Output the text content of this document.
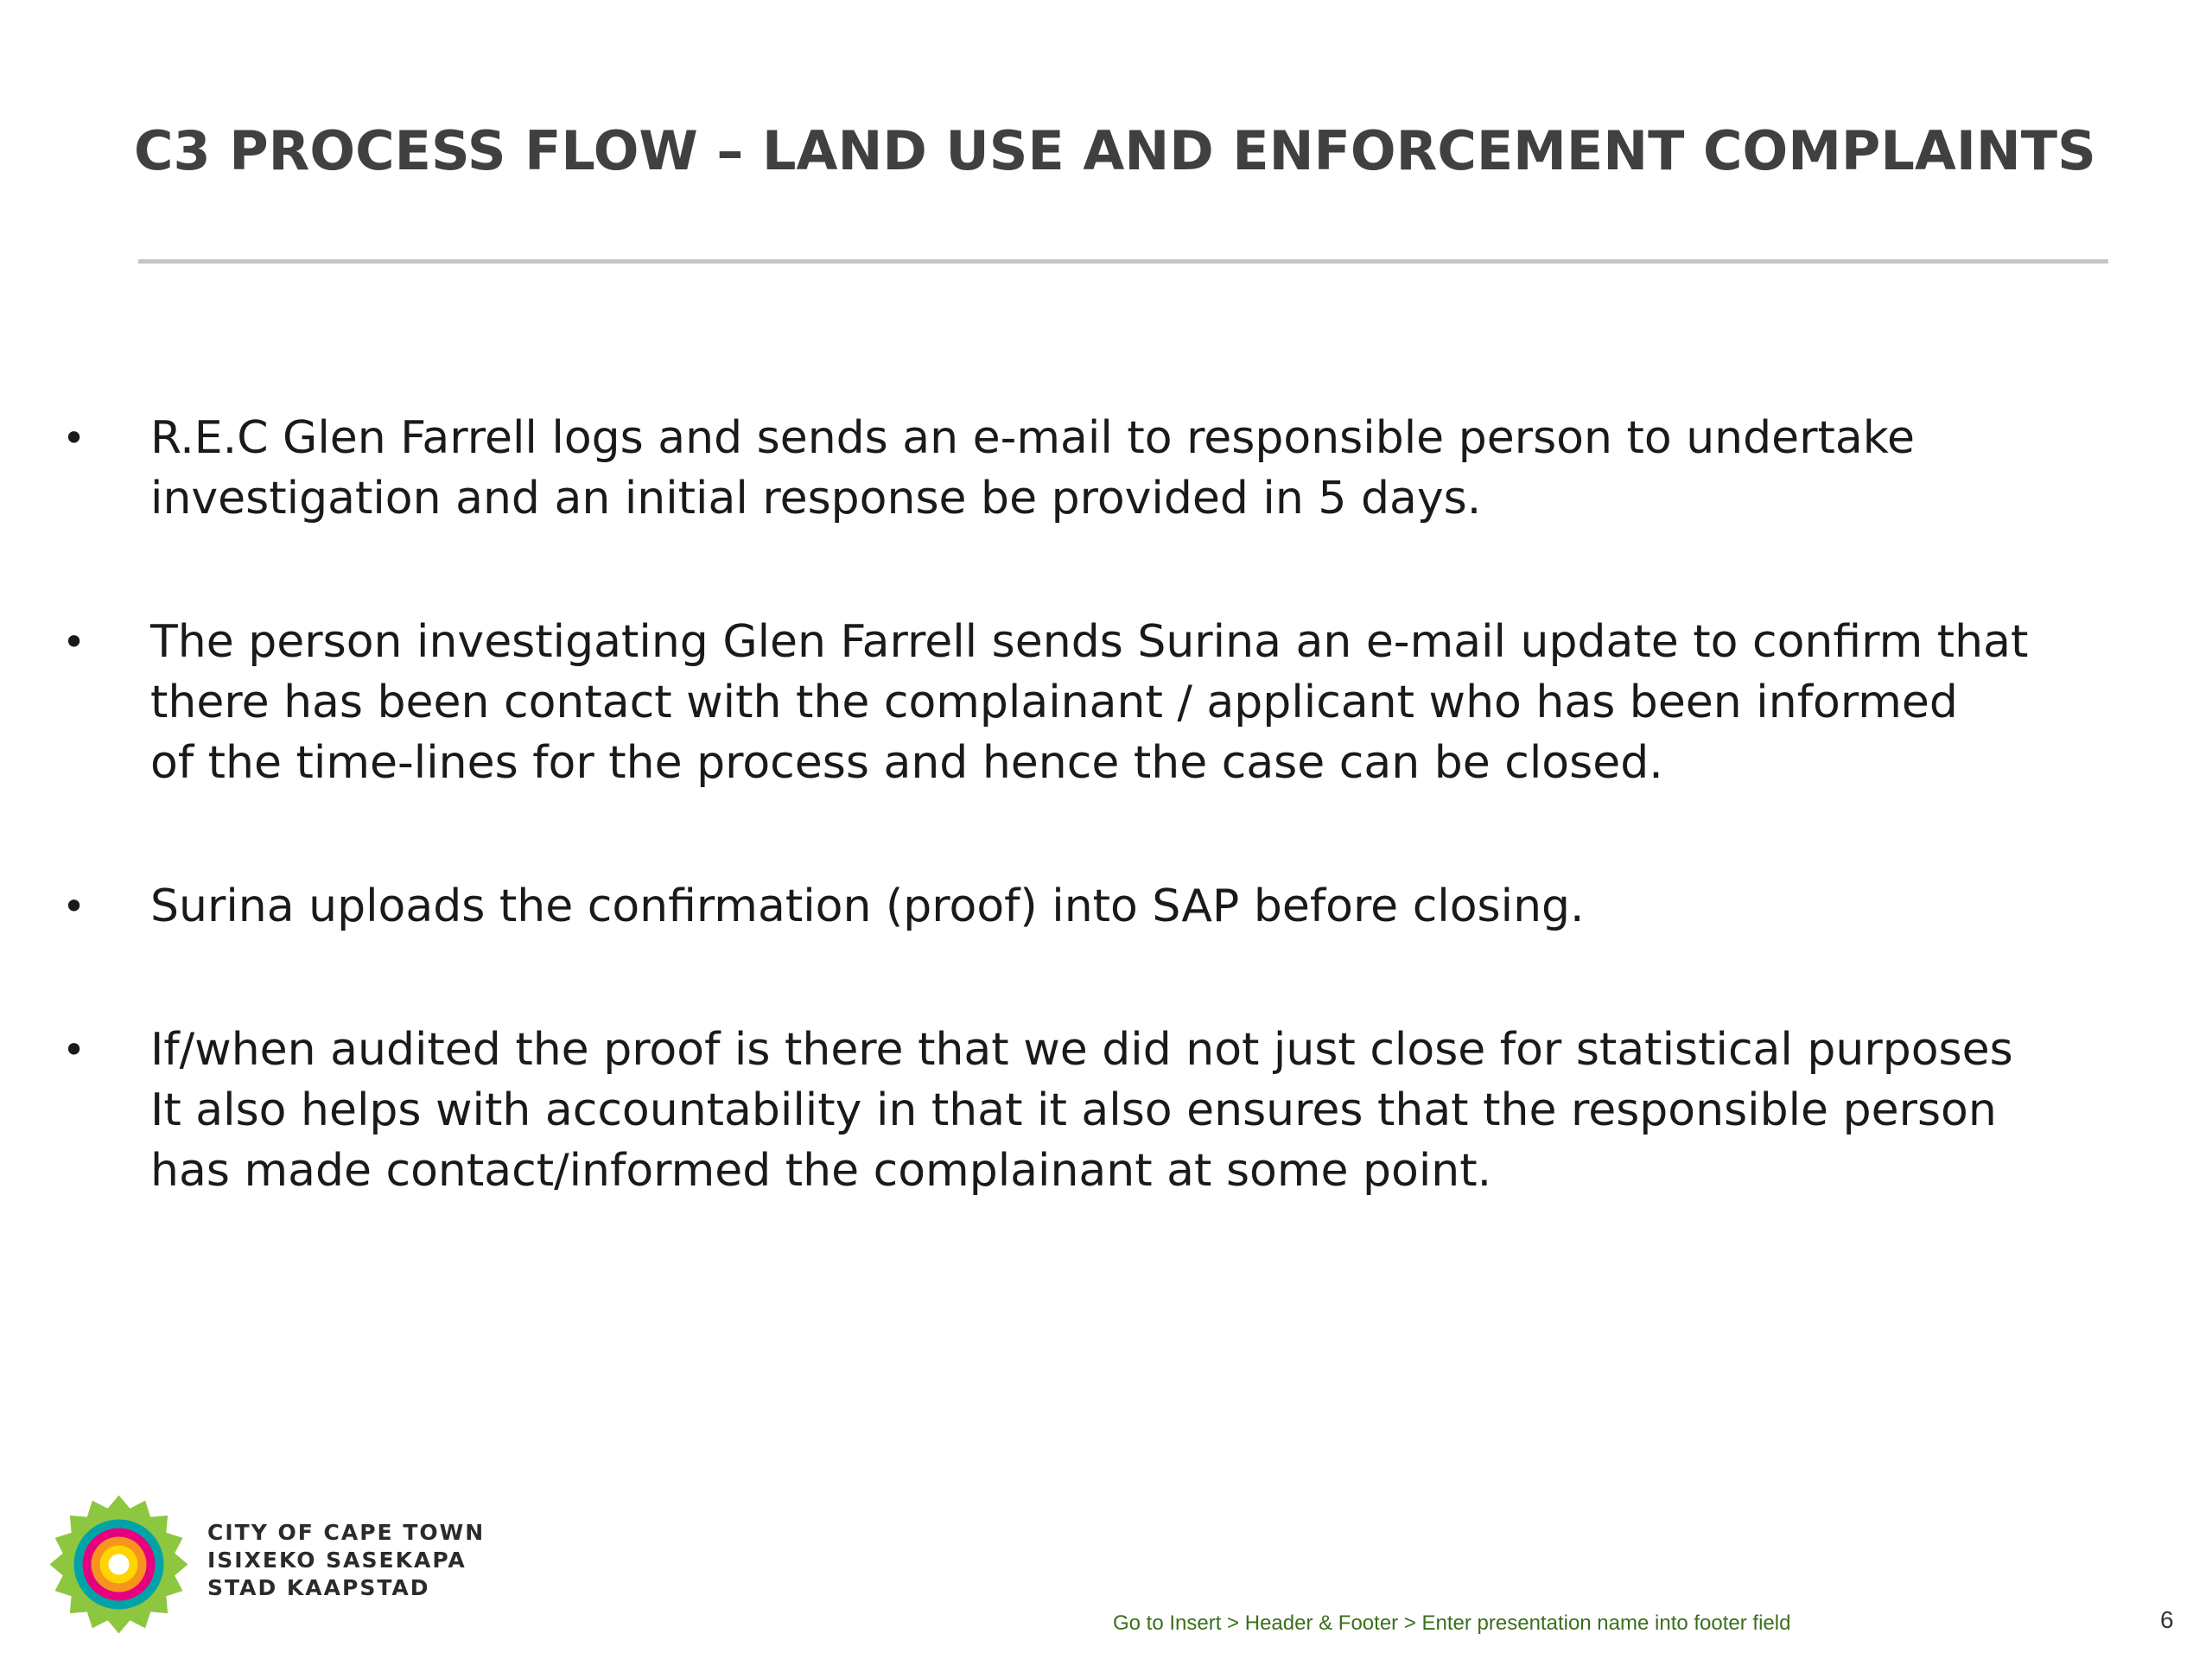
C3 PROCESS FLOW – LAND USE AND ENFORCEMENT COMPLAINTS
• R.E.C Glen Farrell logs and sends an e-mail to responsible person to undertake
investigation and an initial response be provided in 5 days.
• The person investigating Glen Farrell sends Surina an e-mail update to confirm that
there has been contact with the complainant / applicant who has been informed
of the time-lines for the process and hence the case can be closed.
• Surina uploads the confirmation (proof) into SAP before closing.
• If/when audited the proof is there that we did not just close for statistical purposes
It also helps with accountability in that it also ensures that the responsible person
has made contact/informed the complainant at some point.
CITY OF CAPE TOWN
ISIXEKO SASEKAPA
STAD KAAPSTAD
Go to Insert > Header & Footer > Enter presentation name into footer field	6
